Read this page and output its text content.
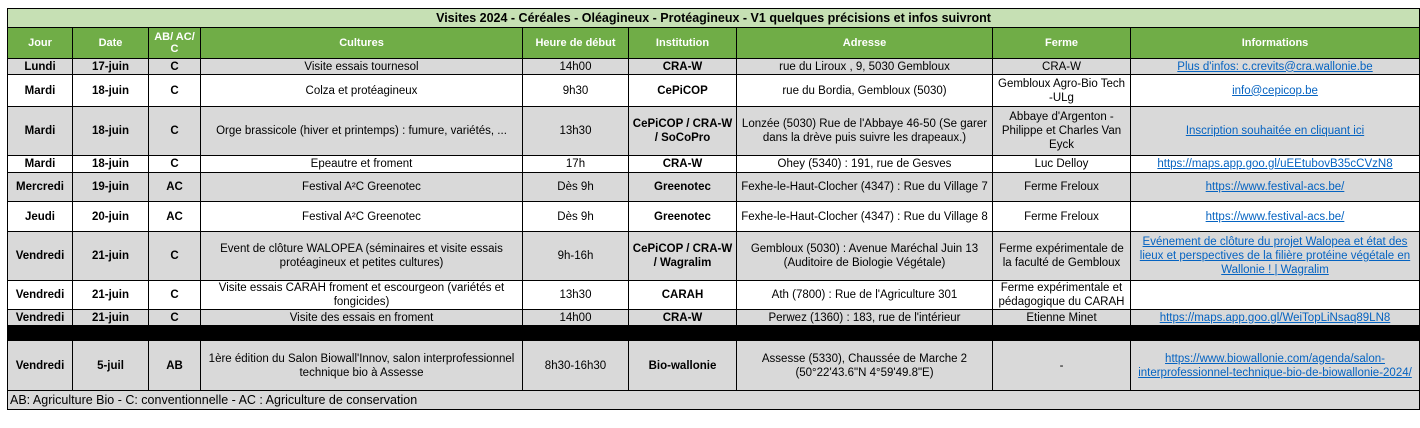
Visites 2024 - Céréales - Oléagineux - Protéagineux - V1 quelques précisions et infos suivront								
Jour	Date	AB/ AC/ C	Cultures	Heure de début	Institution	Adresse	Ferme	Informations
Lundi	17-juin	C	Visite essais tournesol	14h00	CRA-W	rue du Liroux , 9, 5030 Gembloux	CRA-W	Plus d'infos: c.crevits@cra.wallonie.be
Mardi	18-juin	C	Colza et protéagineux	9h30	CePiCOP	rue du Bordia, Gembloux (5030)	Gembloux Agro-Bio Tech -ULg	info@cepicop.be
Mardi	18-juin	C	Orge brassicole (hiver et printemps) : fumure, variétés, ...	13h30	CePiCOP / CRA-W / SoCoPro	Lonzée (5030) Rue de l'Abbaye 46-50 (Se garer dans la drève puis suivre les drapeaux.)	Abbaye d'Argenton - Philippe et Charles Van Eyck	Inscription souhaitée en cliquant ici
Mardi	18-juin	C	Epeautre et froment	17h	CRA-W	Ohey (5340) : 191, rue de Gesves	Luc Delloy	https://maps.app.goo.gl/uEEtubovB35cCVzN8
Mercredi	19-juin	AC	Festival A²C Greenotec	Dès 9h	Greenotec	Fexhe-le-Haut-Clocher (4347) : Rue du Village 7	Ferme Freloux	https://www.festival-acs.be/
Jeudi	20-juin	AC	Festival A²C Greenotec	Dès 9h	Greenotec	Fexhe-le-Haut-Clocher (4347) : Rue du Village 8	Ferme Freloux	https://www.festival-acs.be/
Vendredi	21-juin	C	Event de clôture WALOPEA (séminaires et visite essais protéagineux et petites cultures)	9h-16h	CePiCOP / CRA-W / Wagralim	Gembloux (5030) : Avenue Maréchal Juin 13 (Auditoire de Biologie Végétale)	Ferme expérimentale de la faculté de Gembloux	Evénement de clôture du projet Walopea et état des lieux et perspectives de la filière protéine végétale en Wallonie ! | Wagralim
Vendredi	21-juin	C	Visite essais CARAH froment et escourgeon (variétés et fongicides)	13h30	CARAH	Ath (7800) : Rue de l'Agriculture 301	Ferme expérimentale et pédagogique du CARAH	
Vendredi	21-juin	C	Visite des essais en froment	14h00	CRA-W	Perwez (1360) : 183, rue de l'intérieur	Etienne Minet	https://maps.app.goo.gl/WeiTopLiNsaq89LN8

Vendredi	5-juil	AB	1ère édition du Salon Biowall'Innov, salon interprofessionnel technique bio à Assesse	8h30-16h30	Bio-wallonie	Assesse (5330), Chaussée de Marche 2 (50°22'43.6"N 4°59'49.8"E)	-	https://www.biowallonie.com/agenda/salon-interprofessionnel-technique-bio-de-biowallonie-2024/
AB: Agriculture Bio - C: conventionnelle - AC : Agriculture de conservation								
